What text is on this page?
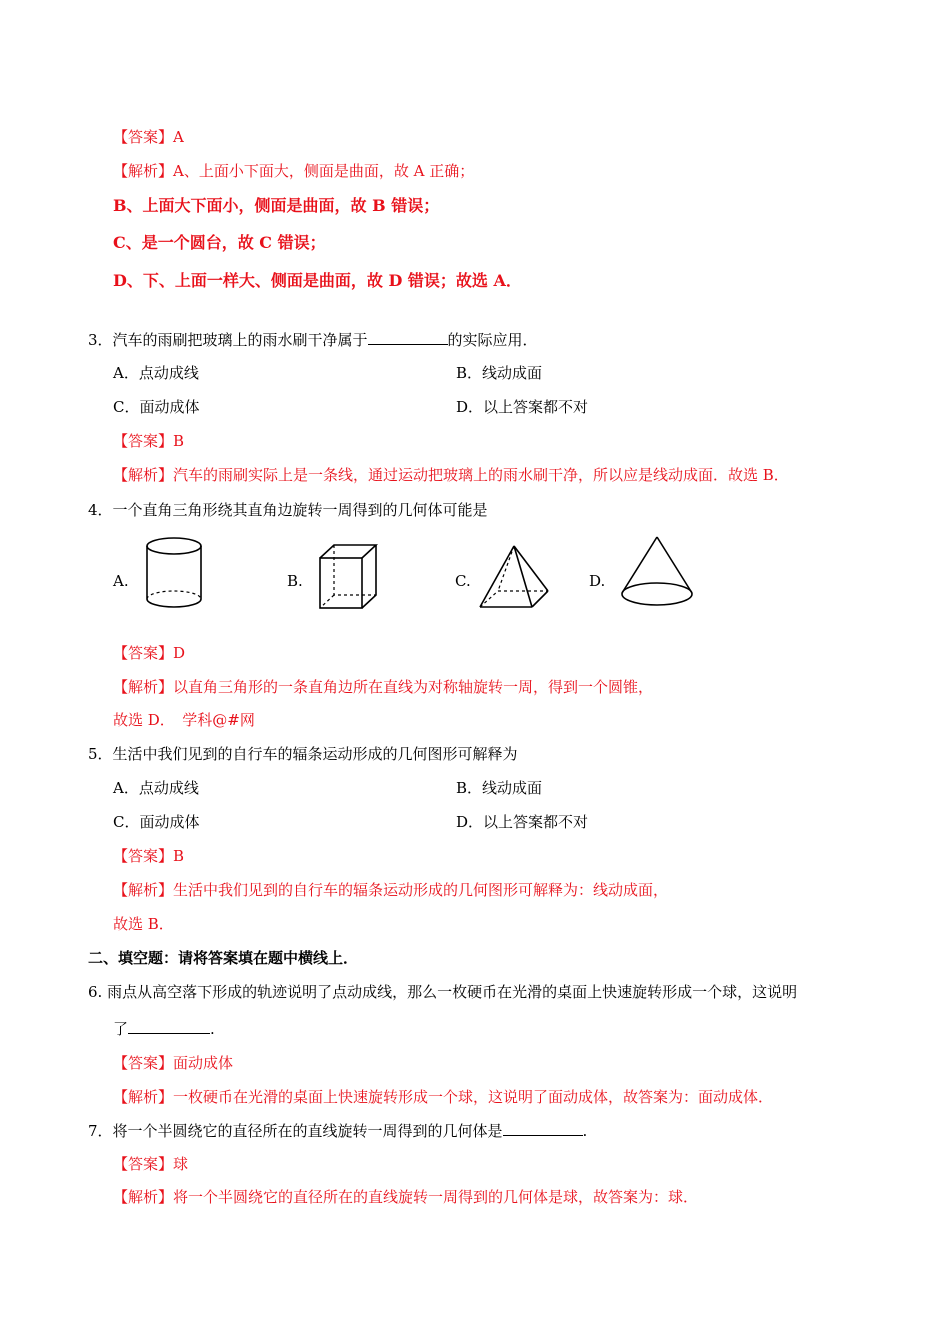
【答案】A
【解析】A、上面小下面大，侧面是曲面，故 A 正确；
B、上面大下面小，侧面是曲面，故 B 错误；
C、是一个圆台，故 C 错误；
D、下、上面一样大、侧面是曲面，故 D 错误；故选 A．
3．汽车的雨刷把玻璃上的雨水刷干净属于	的实际应用．
A．点动成线	B．线动成面
C．面动成体	D．以上答案都不对
【答案】B
【解析】汽车的雨刷实际上是一条线，通过运动把玻璃上的雨水刷干净，所以应是线动成面．故选 B．
4．一个直角三角形绕其直角边旋转一周得到的几何体可能是
A.	B.	C.	D.
【答案】D
【解析】以直角三角形的一条直角边所在直线为对称轴旋转一周，得到一个圆锥，
故选 D．　学科@#网
5．生活中我们见到的自行车的辐条运动形成的几何图形可解释为
A．点动成线	B．线动成面
C．面动成体	D．以上答案都不对
【答案】B
【解析】生活中我们见到的自行车的辐条运动形成的几何图形可解释为：线动成面，
故选 B．
二、填空题：请将答案填在题中横线上．
6. 雨点从高空落下形成的轨迹说明了点动成线，那么一枚硬币在光滑的桌面上快速旋转形成一个球，这说明
了	.
【答案】面动成体
【解析】一枚硬币在光滑的桌面上快速旋转形成一个球，这说明了面动成体，故答案为：面动成体．
7．将一个半圆绕它的直径所在的直线旋转一周得到的几何体是	.
【答案】球
【解析】将一个半圆绕它的直径所在的直线旋转一周得到的几何体是球，故答案为：球．
